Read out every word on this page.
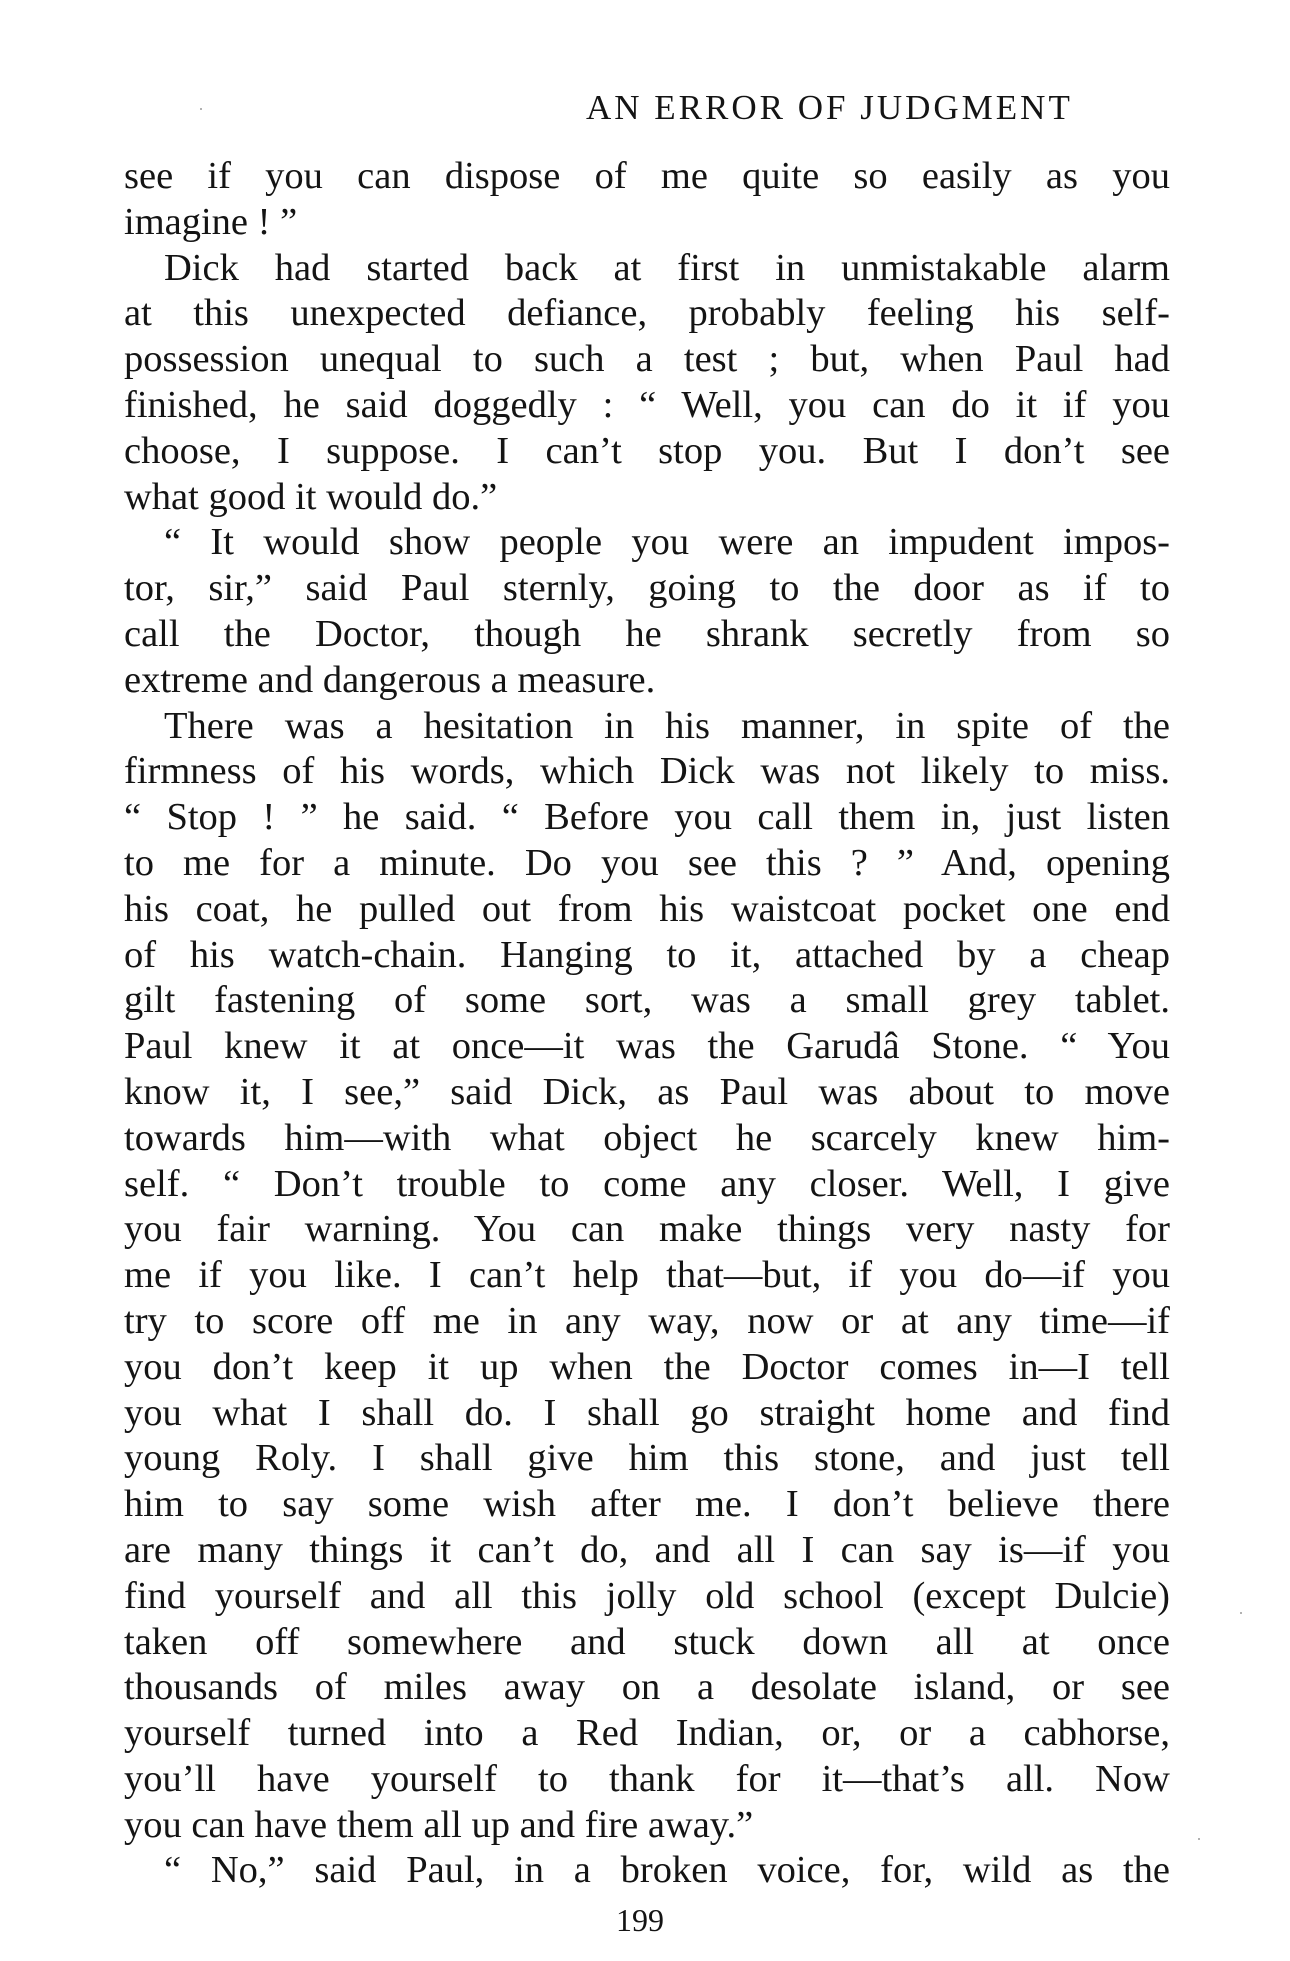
AN ERROR OF JUDGMENT
see if you can dispose of me quite so easily as you
imagine ! ”
Dick had started back at first in unmistakable alarm
at this unexpected defiance, probably feeling his self-
possession unequal to such a test ; but, when Paul had
finished, he said doggedly : “ Well, you can do it if you
choose, I suppose. I can’t stop you. But I don’t see
what good it would do.”
“ It would show people you were an impudent impos-
tor, sir,” said Paul sternly, going to the door as if to
call the Doctor, though he shrank secretly from so
extreme and dangerous a measure.
There was a hesitation in his manner, in spite of the
firmness of his words, which Dick was not likely to miss.
“ Stop ! ” he said. “ Before you call them in, just listen
to me for a minute. Do you see this ? ” And, opening
his coat, he pulled out from his waistcoat pocket one end
of his watch-chain. Hanging to it, attached by a cheap
gilt fastening of some sort, was a small grey tablet.
Paul knew it at once—it was the Garudâ Stone. “ You
know it, I see,” said Dick, as Paul was about to move
towards him—with what object he scarcely knew him-
self. “ Don’t trouble to come any closer. Well, I give
you fair warning. You can make things very nasty for
me if you like. I can’t help that—but, if you do—if you
try to score off me in any way, now or at any time—if
you don’t keep it up when the Doctor comes in—I tell
you what I shall do. I shall go straight home and find
young Roly. I shall give him this stone, and just tell
him to say some wish after me. I don’t believe there
are many things it can’t do, and all I can say is—if you
find yourself and all this jolly old school (except Dulcie)
taken off somewhere and stuck down all at once
thousands of miles away on a desolate island, or see
yourself turned into a Red Indian, or, or a cabhorse,
you’ll have yourself to thank for it—that’s all. Now
you can have them all up and fire away.”
“ No,” said Paul, in a broken voice, for, wild as the
199
